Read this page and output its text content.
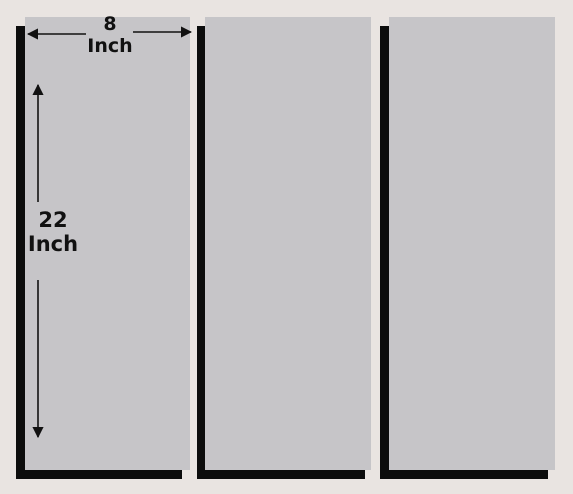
8
Inch
22
Inch
